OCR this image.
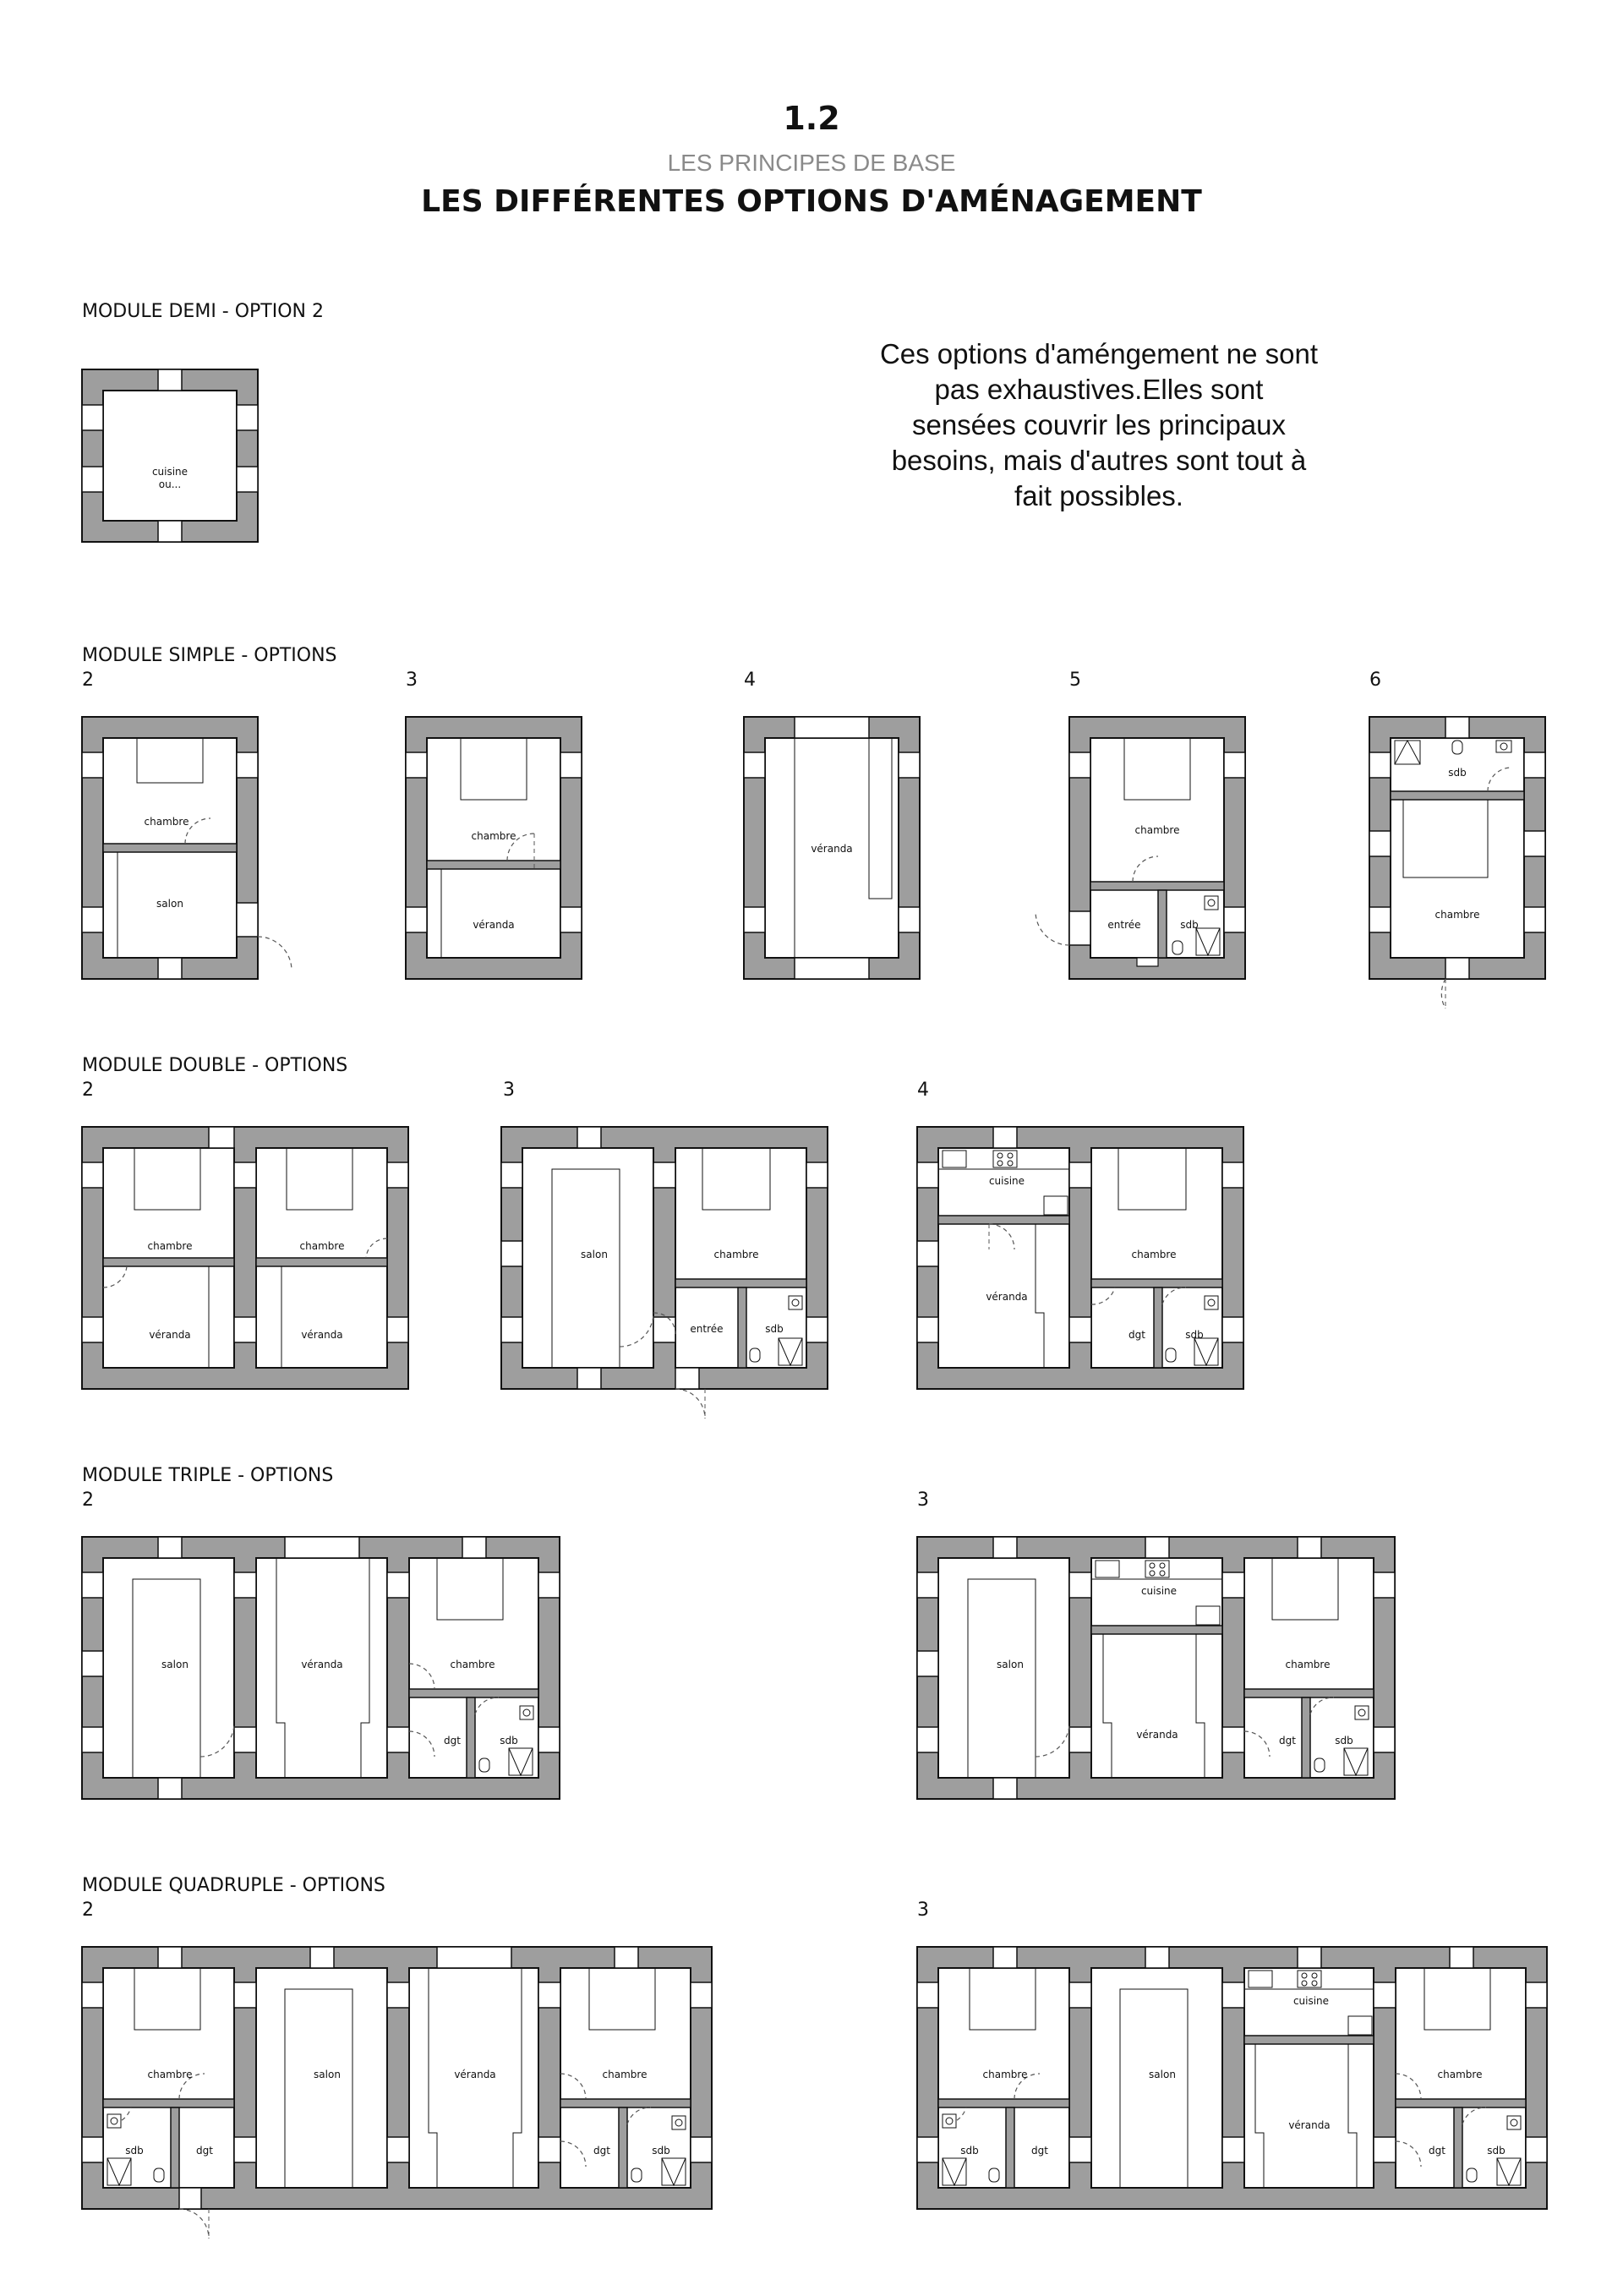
1.2
LES PRINCIPES DE BASE
LES DIFFÉRENTES OPTIONS D'AMÉNAGEMENT
Ces options d'améngement ne sont pas exhaustives.Elles sont sensées couvrir les principaux besoins, mais d'autres sont tout à fait possibles.
MODULE DEMI - OPTION 2
MODULE SIMPLE - OPTIONS
MODULE DOUBLE - OPTIONS
MODULE TRIPLE - OPTIONS
MODULE QUADRUPLE - OPTIONS
2	3	4	5	6
2	3	4
2	3
2	3
cuisine
ou...
chambre
salon
chambre
véranda
véranda
chambre
entrée	sdb
sdb
chambre
chambre	chambre
véranda	véranda
salon	chambre
entrée	sdb
cuisine
véranda
chambre
dgt	sdb
salon	véranda	chambre
dgt	sdb
salon
cuisine
véranda
chambre
dgt	sdb
chambre
sdb	dgt
salon	véranda	chambre
dgt	sdb
chambre
sdb	dgt
salon
cuisine
véranda
chambre
dgt	sdb
